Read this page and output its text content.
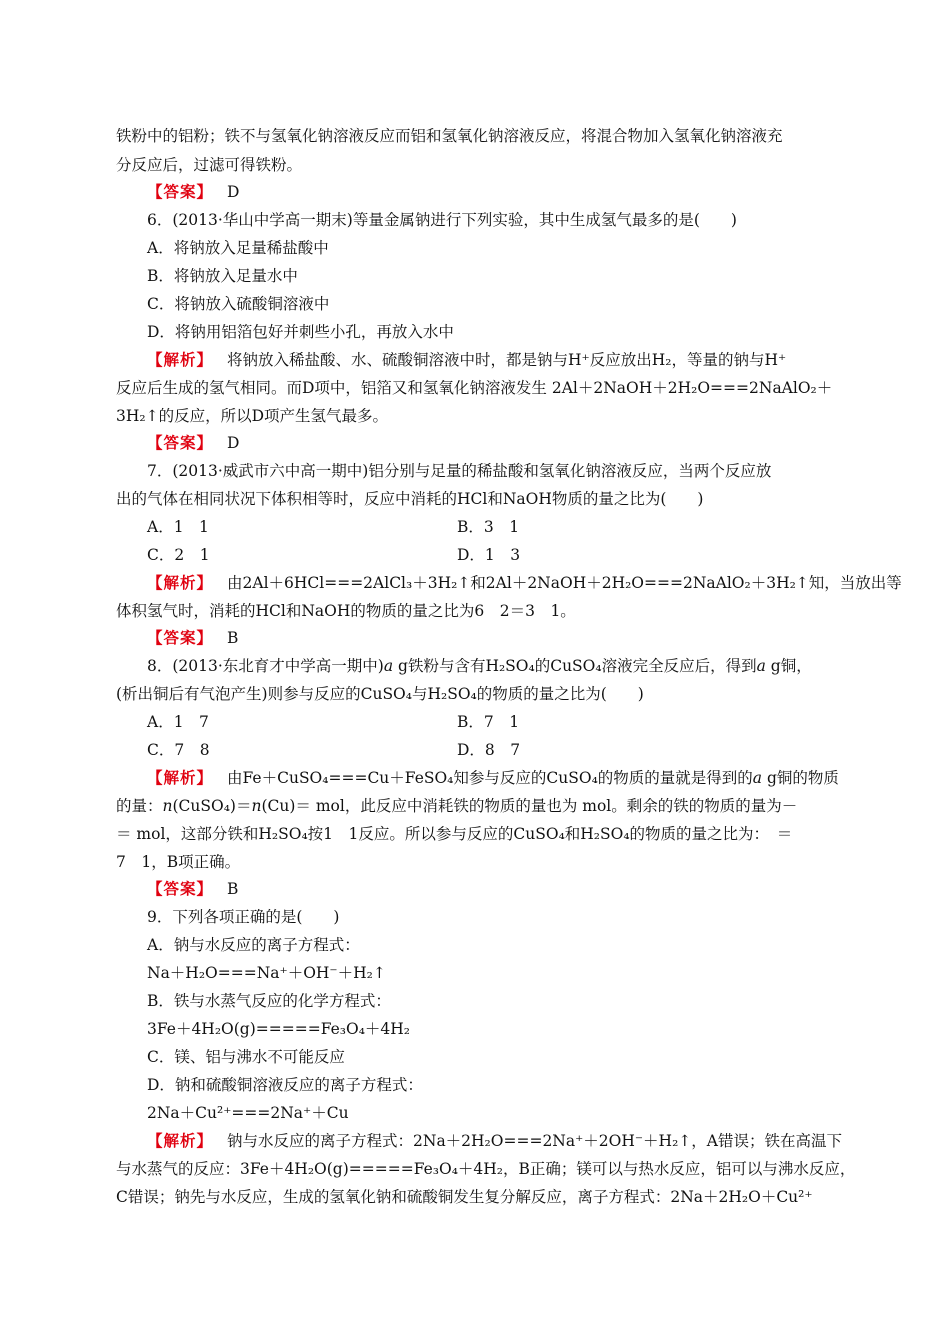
铁粉中的铝粉；铁不与氢氧化钠溶液反应而铝和氢氧化钠溶液反应，将混合物加入氢氧化钠溶液充
分反应后，过滤可得铁粉。
【答案】 D
6．(2013·华山中学高一期末)等量金属钠进行下列实验，其中生成氢气最多的是(　　)
A．将钠放入足量稀盐酸中
B．将钠放入足量水中
C．将钠放入硫酸铜溶液中
D．将钠用铝箔包好并刺些小孔，再放入水中
【解析】 将钠放入稀盐酸、水、硫酸铜溶液中时，都是钠与H⁺反应放出H₂，等量的钠与H⁺
反应后生成的氢气相同。而D项中，铝箔又和氢氧化钠溶液发生 2Al＋2NaOH＋2H₂O===2NaAlO₂＋
3H₂↑的反应，所以D项产生氢气最多。
【答案】 D
7．(2013·威武市六中高一期中)铝分别与足量的稀盐酸和氢氧化钠溶液反应，当两个反应放
出的气体在相同状况下体积相等时，反应中消耗的HCl和NaOH物质的量之比为(　　)
A．1　1	B．3　1
C．2　1	D．1　3
【解析】 由2Al＋6HCl===2AlCl₃＋3H₂↑和2Al＋2NaOH＋2H₂O===2NaAlO₂＋3H₂↑知，当放出等
体积氢气时，消耗的HCl和NaOH的物质的量之比为6　2＝3　1。
【答案】 B
8．(2013·东北育才中学高一期中)a g铁粉与含有H₂SO₄的CuSO₄溶液完全反应后，得到a g铜，
(析出铜后有气泡产生)则参与反应的CuSO₄与H₂SO₄的物质的量之比为(　　)
A．1　7	B．7　1
C．7　8	D．8　7
【解析】 由Fe＋CuSO₄===Cu＋FeSO₄知参与反应的CuSO₄的物质的量就是得到的a g铜的物质
的量：n(CuSO₄)＝n(Cu)＝ mol，此反应中消耗铁的物质的量也为 mol。剩余的铁的物质的量为－
＝ mol，这部分铁和H₂SO₄按1　1反应。所以参与反应的CuSO₄和H₂SO₄的物质的量之比为：　＝
7　1，B项正确。
【答案】 B
9．下列各项正确的是(　　)
A．钠与水反应的离子方程式：
Na＋H₂O===Na⁺＋OH⁻＋H₂↑
B．铁与水蒸气反应的化学方程式：
3Fe＋4H₂O(g)=====Fe₃O₄＋4H₂
C．镁、铝与沸水不可能反应
D．钠和硫酸铜溶液反应的离子方程式：
2Na＋Cu²⁺===2Na⁺＋Cu
【解析】 钠与水反应的离子方程式：2Na＋2H₂O===2Na⁺＋2OH⁻＋H₂↑，A错误；铁在高温下
与水蒸气的反应：3Fe＋4H₂O(g)=====Fe₃O₄＋4H₂，B正确；镁可以与热水反应，铝可以与沸水反应，
C错误；钠先与水反应，生成的氢氧化钠和硫酸铜发生复分解反应，离子方程式：2Na＋2H₂O＋Cu²⁺
